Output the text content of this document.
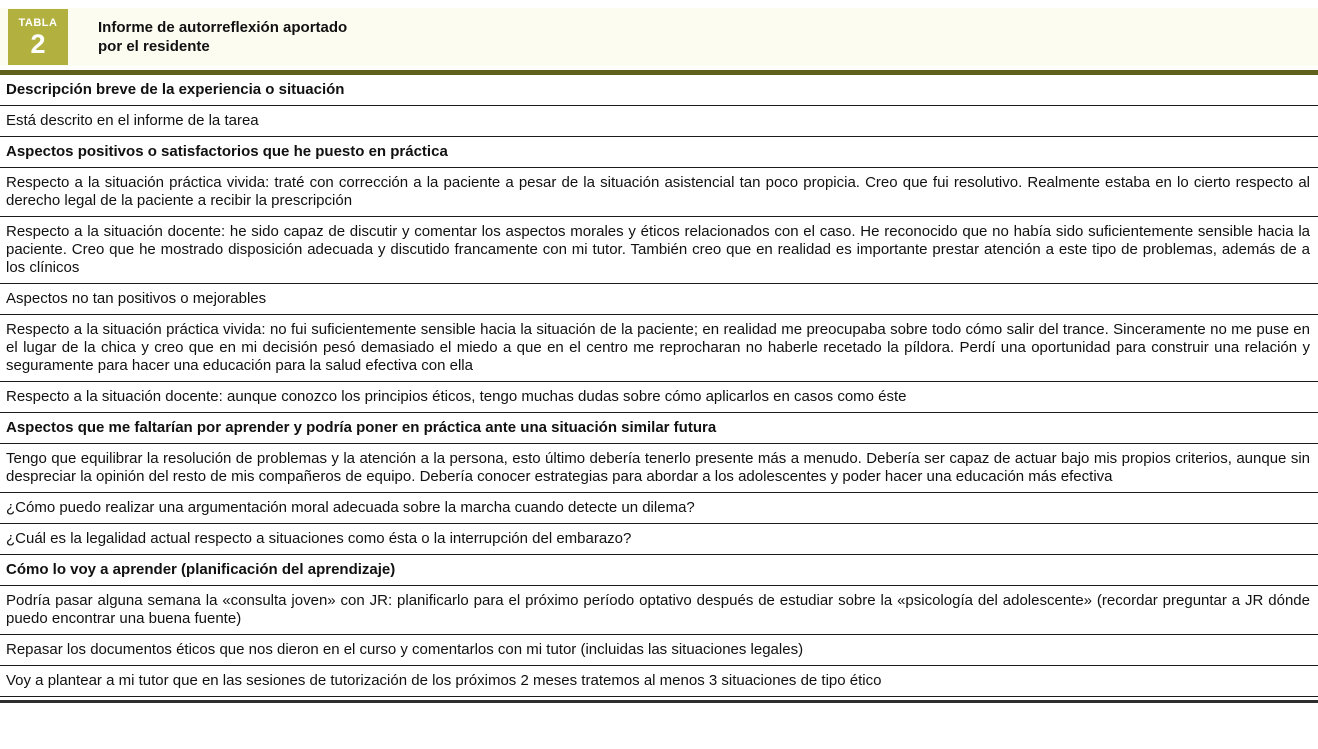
TABLA
2
Informe de autorreflexión aportado
por el residente
Descripción breve de la experiencia o situación
Está descrito en el informe de la tarea
Aspectos positivos o satisfactorios que he puesto en práctica
Respecto a la situación práctica vivida: traté con corrección a la paciente a pesar de la situación asistencial tan poco propicia. Creo que fui resolutivo. Realmente estaba en lo cierto respecto al derecho legal de la paciente a recibir la prescripción
Respecto a la situación docente: he sido capaz de discutir y comentar los aspectos morales y éticos relacionados con el caso. He reconocido que no había sido suficientemente sensible hacia la paciente. Creo que he mostrado disposición adecuada y discutido francamente con mi tutor. También creo que en realidad es importante prestar atención a este tipo de problemas, además de a los clínicos
Aspectos no tan positivos o mejorables
Respecto a la situación práctica vivida: no fui suficientemente sensible hacia la situación de la paciente; en realidad me preocupaba sobre todo cómo salir del trance. Sinceramente no me puse en el lugar de la chica y creo que en mi decisión pesó demasiado el miedo a que en el centro me reprocharan no haberle recetado la píldora. Perdí una oportunidad para construir una relación y seguramente para hacer una educación para la salud efectiva con ella
Respecto a la situación docente: aunque conozco los principios éticos, tengo muchas dudas sobre cómo aplicarlos en casos como éste
Aspectos que me faltarían por aprender y podría poner en práctica ante una situación similar futura
Tengo que equilibrar la resolución de problemas y la atención a la persona, esto último debería tenerlo presente más a menudo. Debería ser capaz de actuar bajo mis propios criterios, aunque sin despreciar la opinión del resto de mis compañeros de equipo. Debería conocer estrategias para abordar a los adolescentes y poder hacer una educación más efectiva
¿Cómo puedo realizar una argumentación moral adecuada sobre la marcha cuando detecte un dilema?
¿Cuál es la legalidad actual respecto a situaciones como ésta o la interrupción del embarazo?
Cómo lo voy a aprender (planificación del aprendizaje)
Podría pasar alguna semana la «consulta joven» con JR: planificarlo para el próximo período optativo después de estudiar sobre la «psicología del adolescente» (recordar preguntar a JR dónde puedo encontrar una buena fuente)
Repasar los documentos éticos que nos dieron en el curso y comentarlos con mi tutor (incluidas las situaciones legales)
Voy a plantear a mi tutor que en las sesiones de tutorización de los próximos 2 meses tratemos al menos 3 situaciones de tipo ético
